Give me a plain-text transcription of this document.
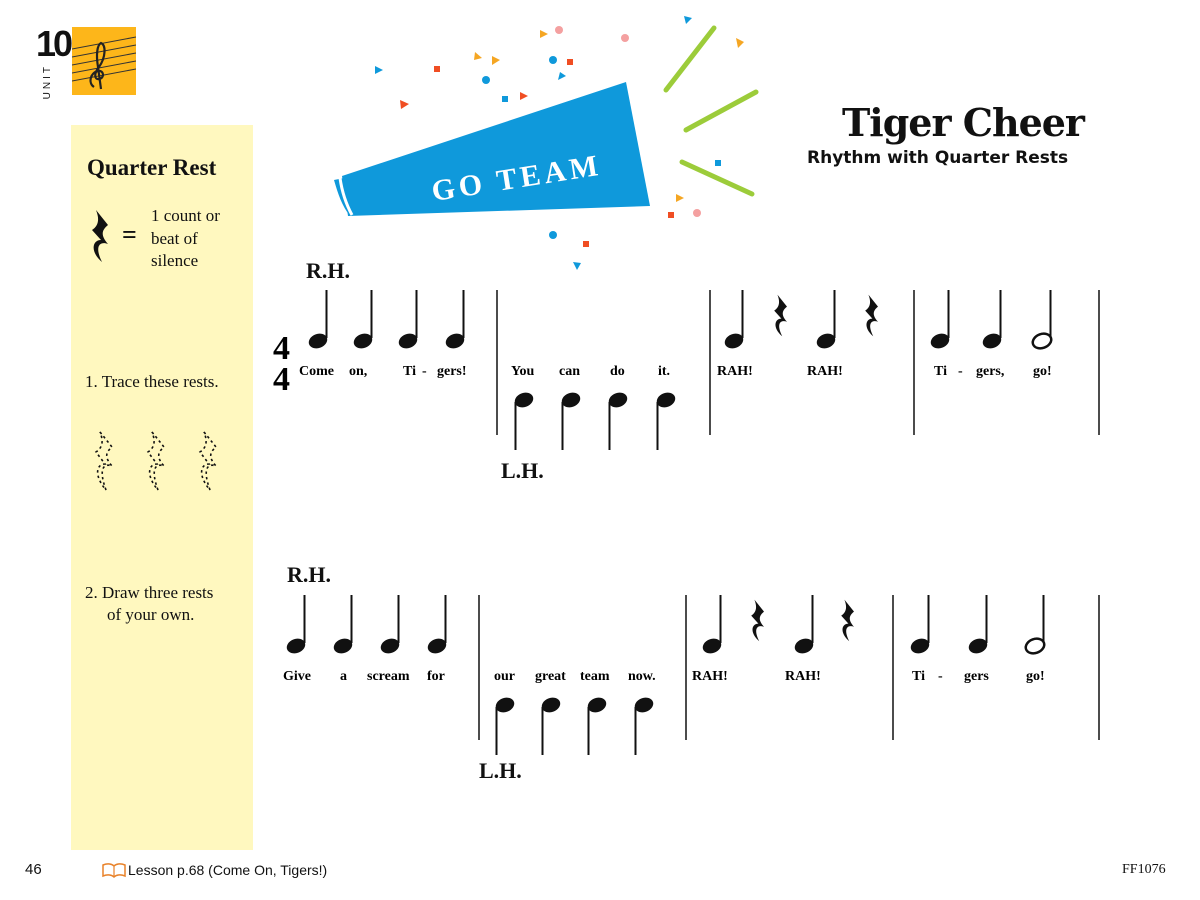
10
UNIT
Quarter Rest
=
1 count or
beat of
silence
1. Trace these rests.
2. Draw three rests
of your own.
GO TEAM
Tiger Cheer
Rhythm with Quarter Rests
R.H.
L.H.
4
4 Come on,	Ti - gers!	You can do it.	RAH!	RAH!	Ti - gers, go!
R.H.
L.H.
Give a scream for	our great team now.	RAH!	RAH!	Ti - gers	go!
46	Lesson p.68 (Come On, Tigers!)	FF1076
